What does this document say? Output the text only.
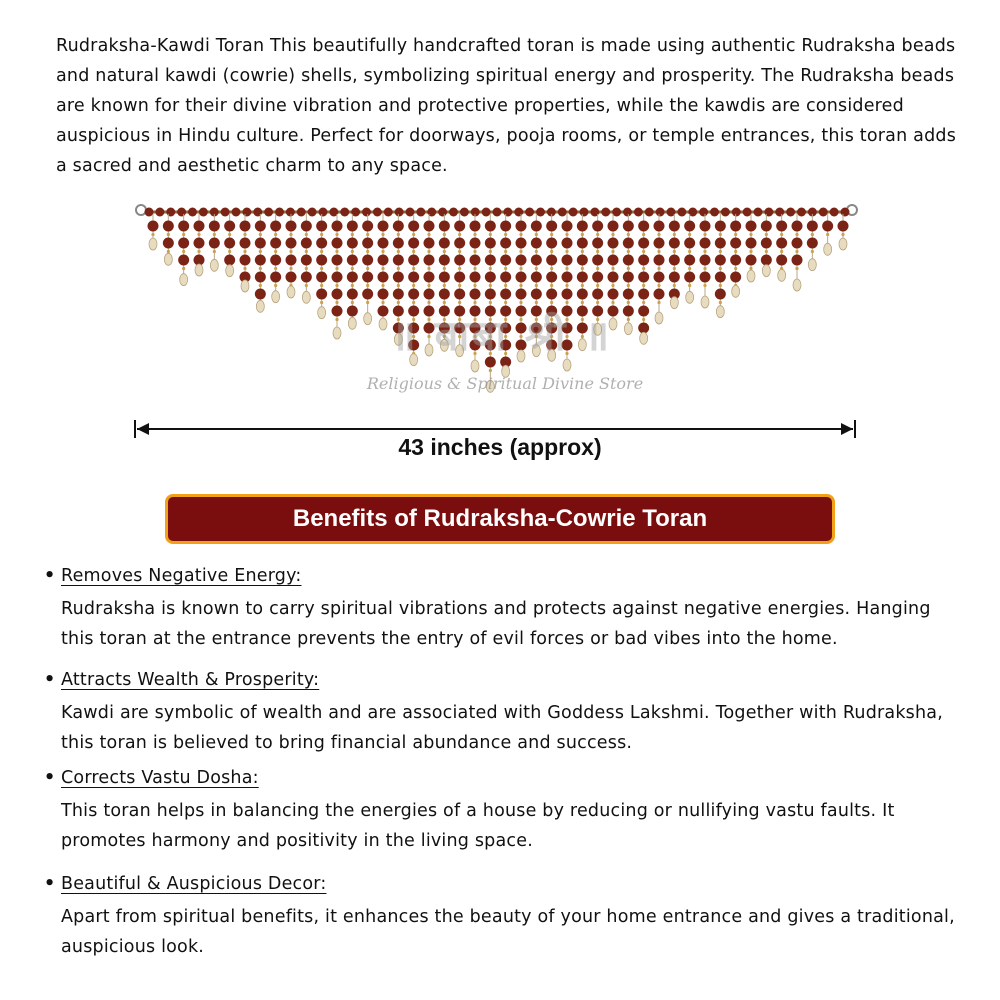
Rudraksha-Kawdi Toran This beautifully handcrafted toran is made using authentic Rudraksha beads and natural kawdi (cowrie) shells, symbolizing spiritual energy and prosperity. The Rudraksha beads are known for their divine vibration and protective properties, while the kawdis are considered auspicious in Hindu culture. Perfect for doorways, pooja rooms, or temple entrances, this toran adds a sacred and aesthetic charm to any space.

॥ बाबा श्री ॥
Religious & Spiritual Divine Store
43 inches (approx)
Benefits of Rudraksha-Cowrie Toran
• Removes Negative Energy:
Rudraksha is known to carry spiritual vibrations and protects against negative energies. Hanging this toran at the entrance prevents the entry of evil forces or bad vibes into the home.
• Attracts Wealth & Prosperity:
Kawdi are symbolic of wealth and are associated with Goddess Lakshmi. Together with Rudraksha, this toran is believed to bring financial abundance and success.
• Corrects Vastu Dosha:
This toran helps in balancing the energies of a house by reducing or nullifying vastu faults. It promotes harmony and positivity in the living space.
• Beautiful & Auspicious Decor:
Apart from spiritual benefits, it enhances the beauty of your home entrance and gives a traditional, auspicious look.
